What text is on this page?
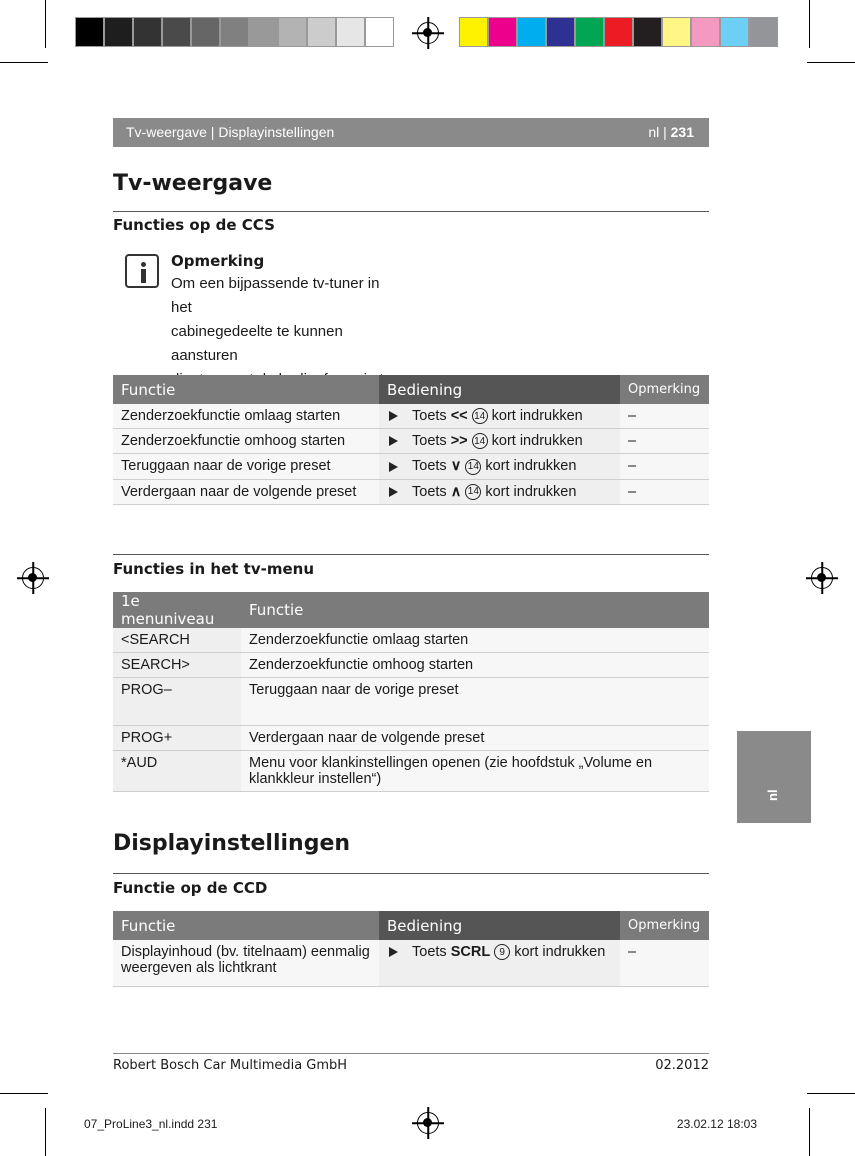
Tv-weergave | Displayinstellingen	nl | 231
Tv-weergave
Functies op de CCS
Opmerking
Om een bijpassende tv-tuner in het
cabinegedeelte te kunnen aansturen
Functie	Bediening	Opmerking
Zenderzoekfunctie omlaag starten	Toets << 14 kort indrukken	–
Zenderzoekfunctie omhoog starten	Toets >> 14 kort indrukken	–
Teruggaan naar de vorige preset	Toets ∨ 14 kort indrukken	–
Verdergaan naar de volgende preset	Toets ∧ 14 kort indrukken	–
Functies in het tv-menu
1e menuniveau	Functie
<SEARCH	Zenderzoekfunctie omlaag starten
SEARCH>	Zenderzoekfunctie omhoog starten
PROG–	Teruggaan naar de vorige preset
PROG+	Verdergaan naar de volgende preset
*AUD	Menu voor klankinstellingen openen (zie hoofdstuk „Volume en klankkleur instellen“)
nl
Displayinstellingen
Functie op de CCD
Functie	Bediening	Opmerking
Displayinhoud (bv. titelnaam) eenmalig weergeven als lichtkrant	Toets SCRL 9 kort indrukken	–
Robert Bosch Car Multimedia GmbH	02.2012
07_ProLine3_nl.indd 231	23.02.12 18:03
